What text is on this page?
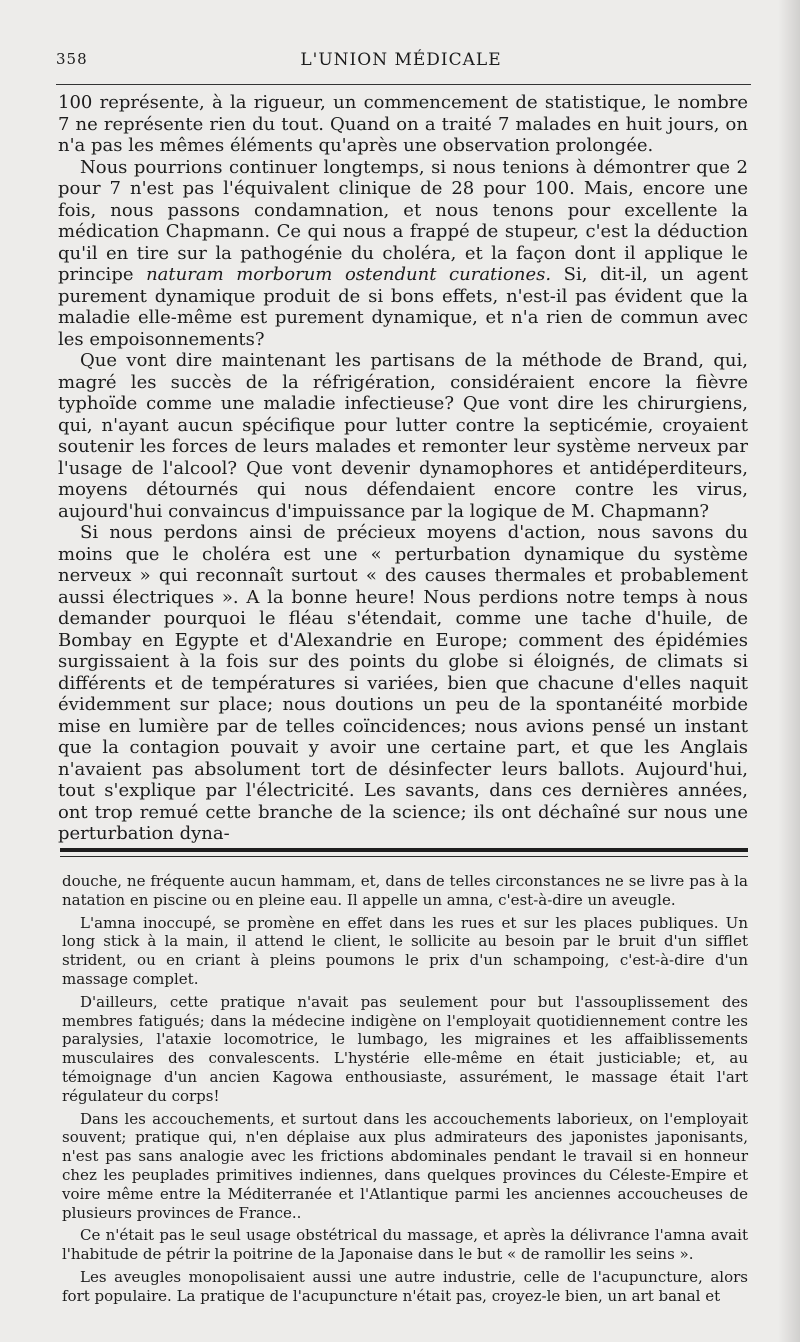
358	L'UNION MÉDICALE

100 représente, à la rigueur, un commencement de statistique, le nombre 7 ne représente rien du tout. Quand on a traité 7 malades en huit jours, on n'a pas les mêmes éléments qu'après une observation prolongée.

Nous pourrions continuer longtemps, si nous tenions à démontrer que 2 pour 7 n'est pas l'équivalent clinique de 28 pour 100. Mais, encore une fois, nous passons condamnation, et nous tenons pour excellente la médication Chapmann. Ce qui nous a frappé de stupeur, c'est la déduction qu'il en tire sur la pathogénie du choléra, et la façon dont il applique le principe naturam morborum ostendunt curationes. Si, dit-il, un agent purement dynamique produit de si bons effets, n'est-il pas évident que la maladie elle-même est purement dynamique, et n'a rien de commun avec les empoisonnements?

Que vont dire maintenant les partisans de la méthode de Brand, qui, magré les succès de la réfrigération, considéraient encore la fièvre typhoïde comme une maladie infectieuse? Que vont dire les chirurgiens, qui, n'ayant aucun spécifique pour lutter contre la septicémie, croyaient soutenir les forces de leurs malades et remonter leur système nerveux par l'usage de l'alcool? Que vont devenir dynamophores et antidéperditeurs, moyens détournés qui nous défendaient encore contre les virus, aujourd'hui convaincus d'impuissance par la logique de M. Chapmann?

Si nous perdons ainsi de précieux moyens d'action, nous savons du moins que le choléra est une « perturbation dynamique du système nerveux » qui reconnaît surtout « des causes thermales et probablement aussi électriques ». A la bonne heure! Nous perdions notre temps à nous demander pourquoi le fléau s'étendait, comme une tache d'huile, de Bombay en Egypte et d'Alexandrie en Europe; comment des épidémies surgissaient à la fois sur des points du globe si éloignés, de climats si différents et de températures si variées, bien que chacune d'elles naquit évidemment sur place; nous doutions un peu de la spontanéité morbide mise en lumière par de telles coïncidences; nous avions pensé un instant que la contagion pouvait y avoir une certaine part, et que les Anglais n'avaient pas absolument tort de désinfecter leurs ballots. Aujourd'hui, tout s'explique par l'électricité. Les savants, dans ces dernières années, ont trop remué cette branche de la science; ils ont déchaîné sur nous une perturbation dyna-

douche, ne fréquente aucun hammam, et, dans de telles circonstances ne se livre pas à la natation en piscine ou en pleine eau. Il appelle un amna, c'est-à-dire un aveugle.

L'amna inoccupé, se promène en effet dans les rues et sur les places publiques. Un long stick à la main, il attend le client, le sollicite au besoin par le bruit d'un sifflet strident, ou en criant à pleins poumons le prix d'un schampoing, c'est-à-dire d'un massage complet.

D'ailleurs, cette pratique n'avait pas seulement pour but l'assouplissement des membres fatigués; dans la médecine indigène on l'employait quotidiennement contre les paralysies, l'ataxie locomotrice, le lumbago, les migraines et les affaiblissements musculaires des convalescents. L'hystérie elle-même en était justiciable; et, au témoignage d'un ancien Kagowa enthousiaste, assurément, le massage était l'art régulateur du corps!

Dans les accouchements, et surtout dans les accouchements laborieux, on l'employait souvent; pratique qui, n'en déplaise aux plus admirateurs des japonistes japonisants, n'est pas sans analogie avec les frictions abdominales pendant le travail si en honneur chez les peuplades primitives indiennes, dans quelques provinces du Céleste-Empire et voire même entre la Méditerranée et l'Atlantique parmi les anciennes accoucheuses de plusieurs provinces de France..

Ce n'était pas le seul usage obstétrical du massage, et après la délivrance l'amna avait l'habitude de pétrir la poitrine de la Japonaise dans le but « de ramollir les seins ».

Les aveugles monopolisaient aussi une autre industrie, celle de l'acupuncture, alors fort populaire. La pratique de l'acupuncture n'était pas, croyez-le bien, un art banal et
